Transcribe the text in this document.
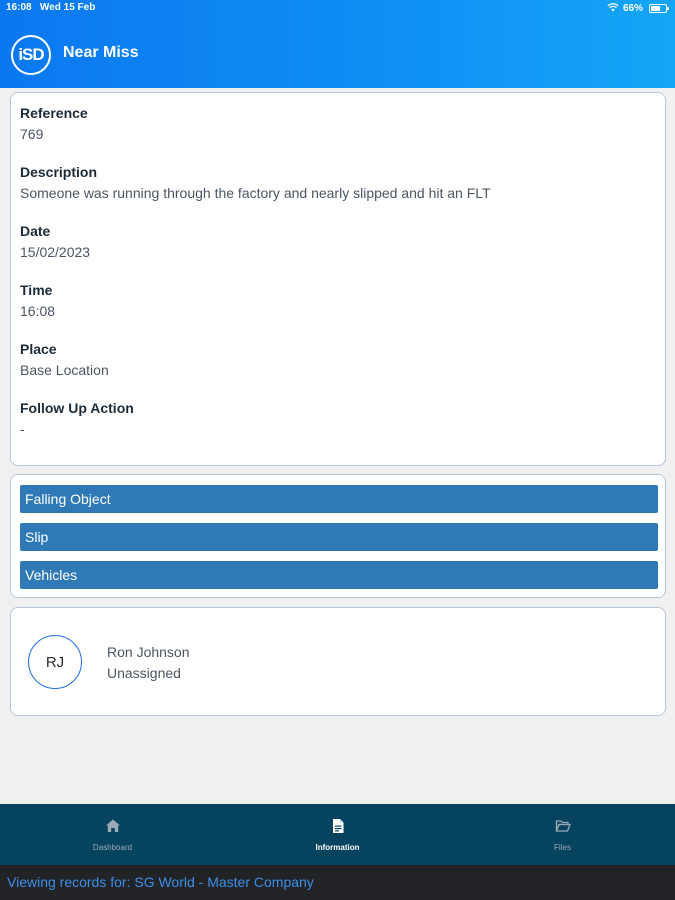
16:08 Wed 15 Feb	66%
iSD	Near Miss
Reference
769
Description
Someone was running through the factory and nearly slipped and hit an FLT
Date
15/02/2023
Time
16:08
Place
Base Location
Follow Up Action
-
Falling Object
Slip
Vehicles
RJ
Ron Johnson
Unassigned
Dashboard	Information	Files
Viewing records for: SG World - Master Company
